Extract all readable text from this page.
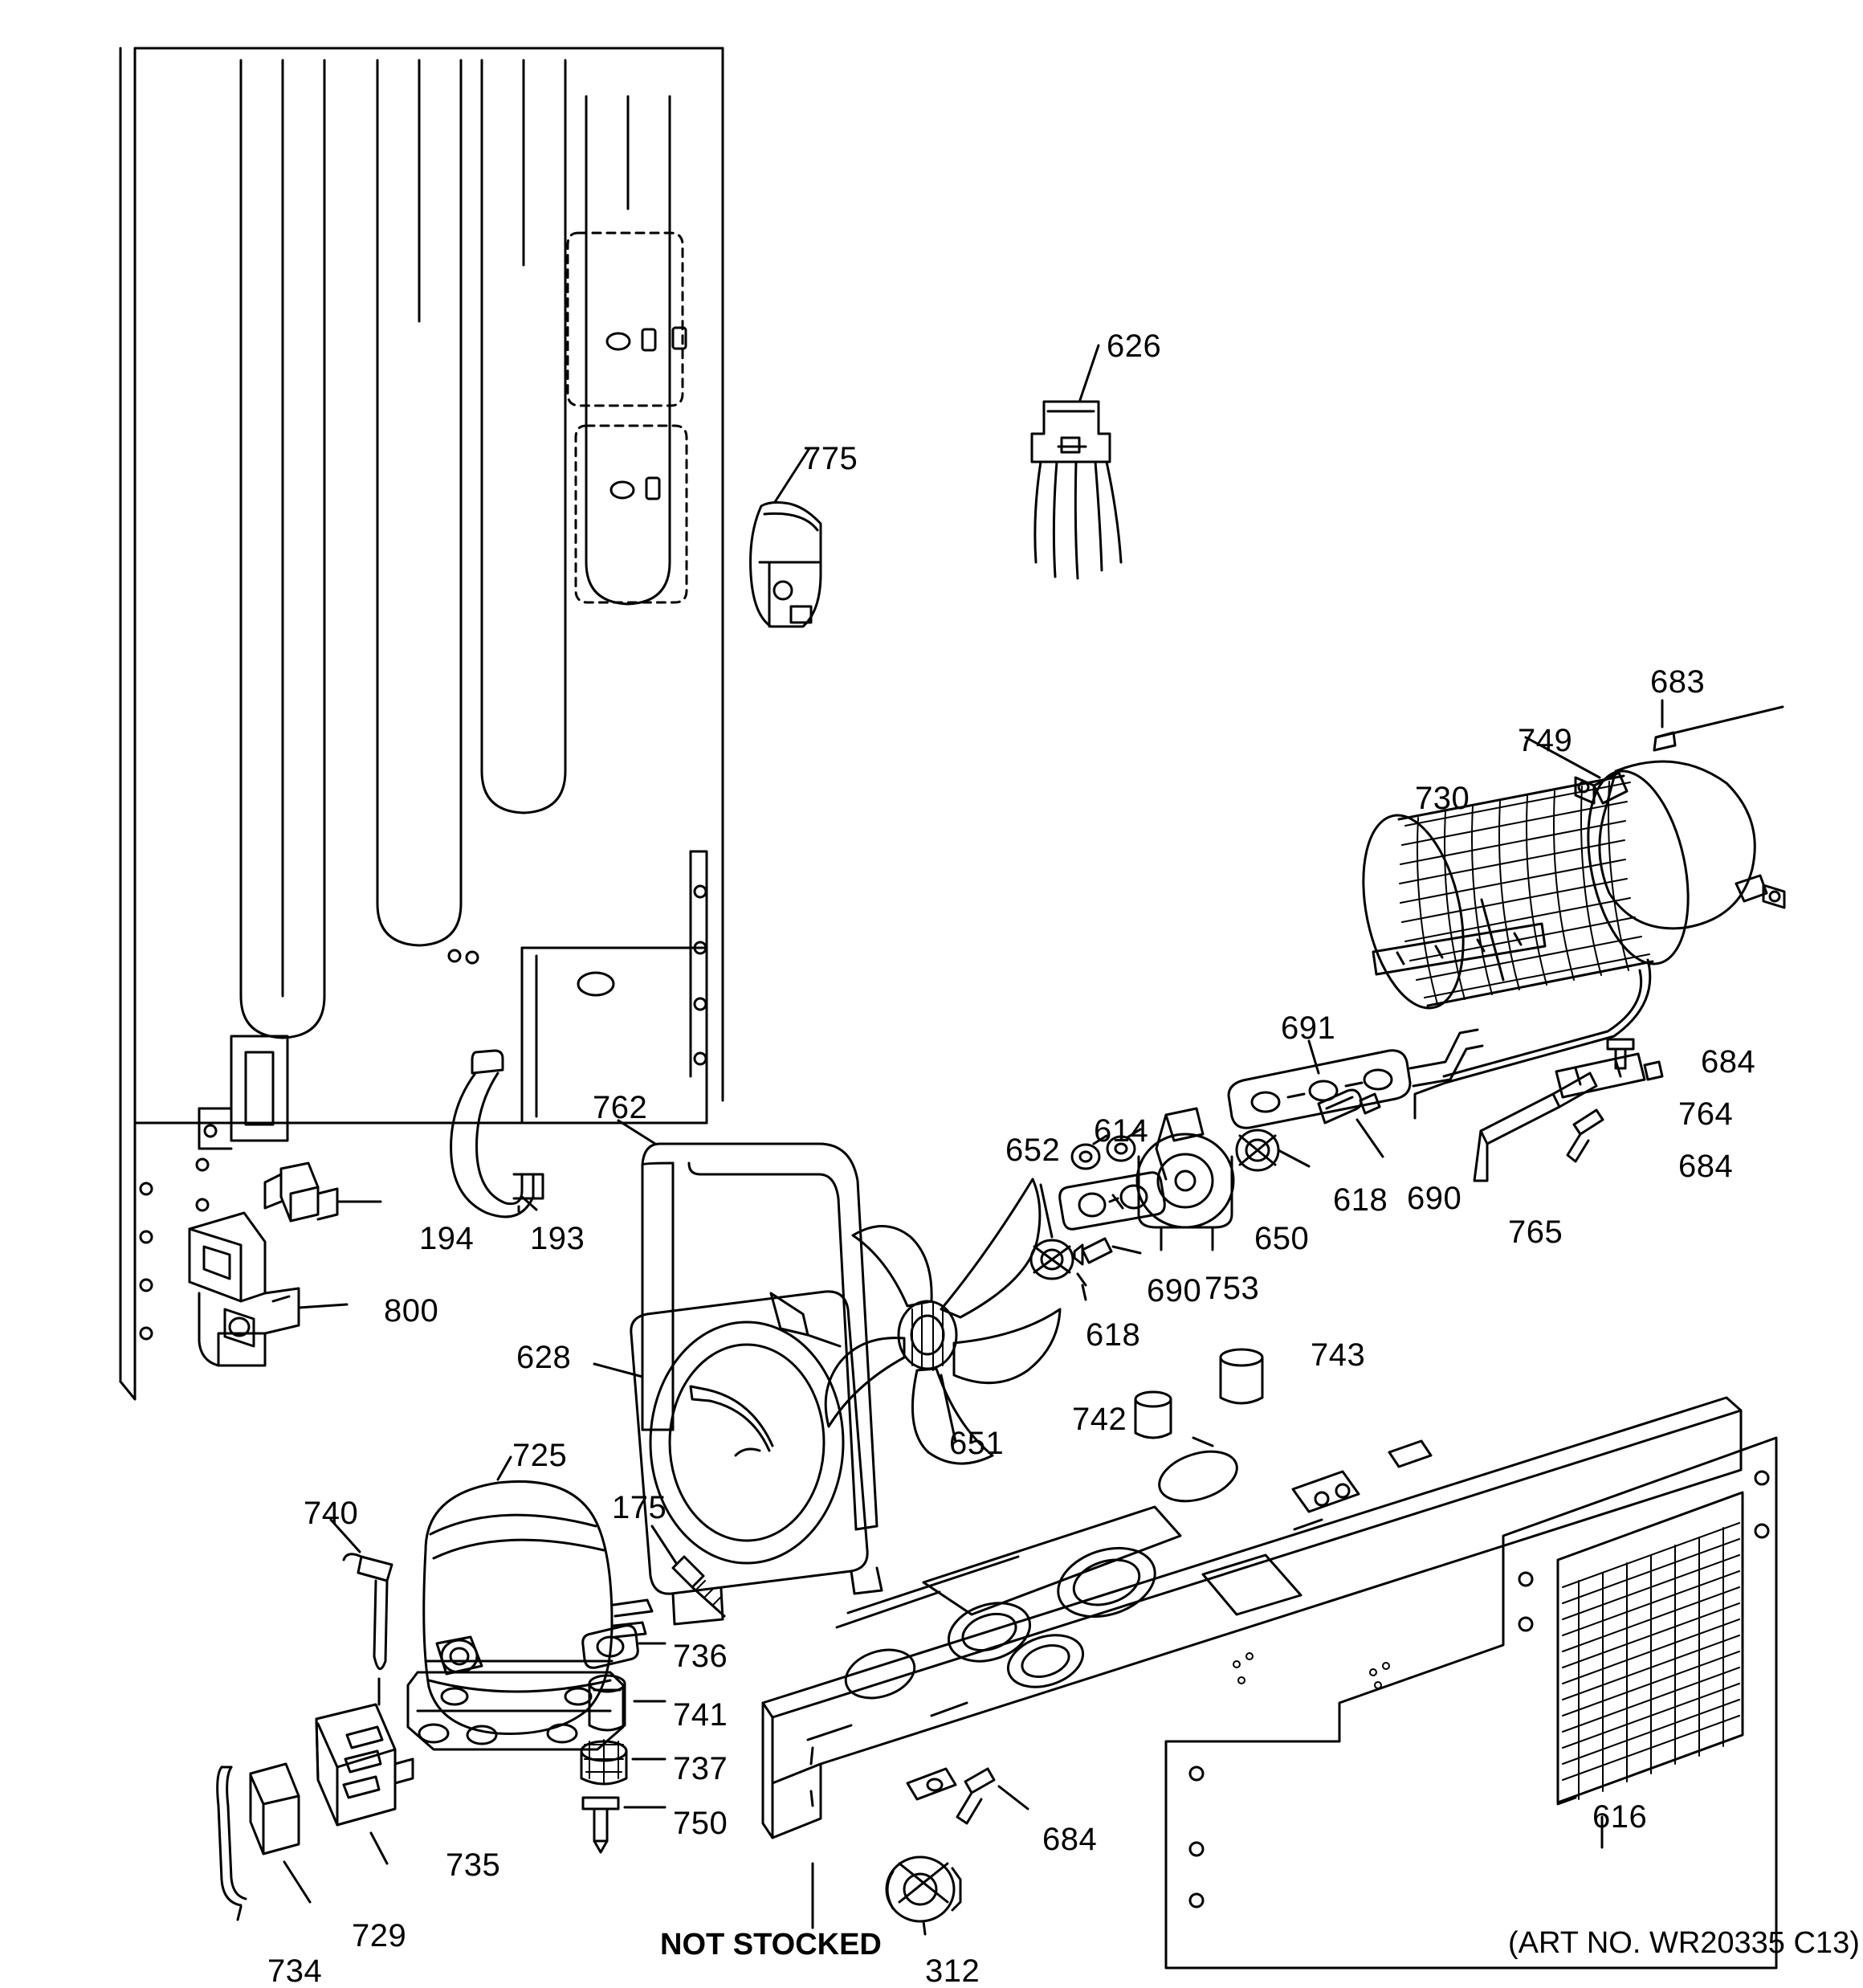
626
775
683
749
730
691
684
764
684
614
762
652
690
618
650	765
194 193
753
690
618
800
743
628
742
651
725
740	175
736
741
737
616
750
735
684
729
734	312
NOT STOCKED	(ART NO. WR20335 C13)
